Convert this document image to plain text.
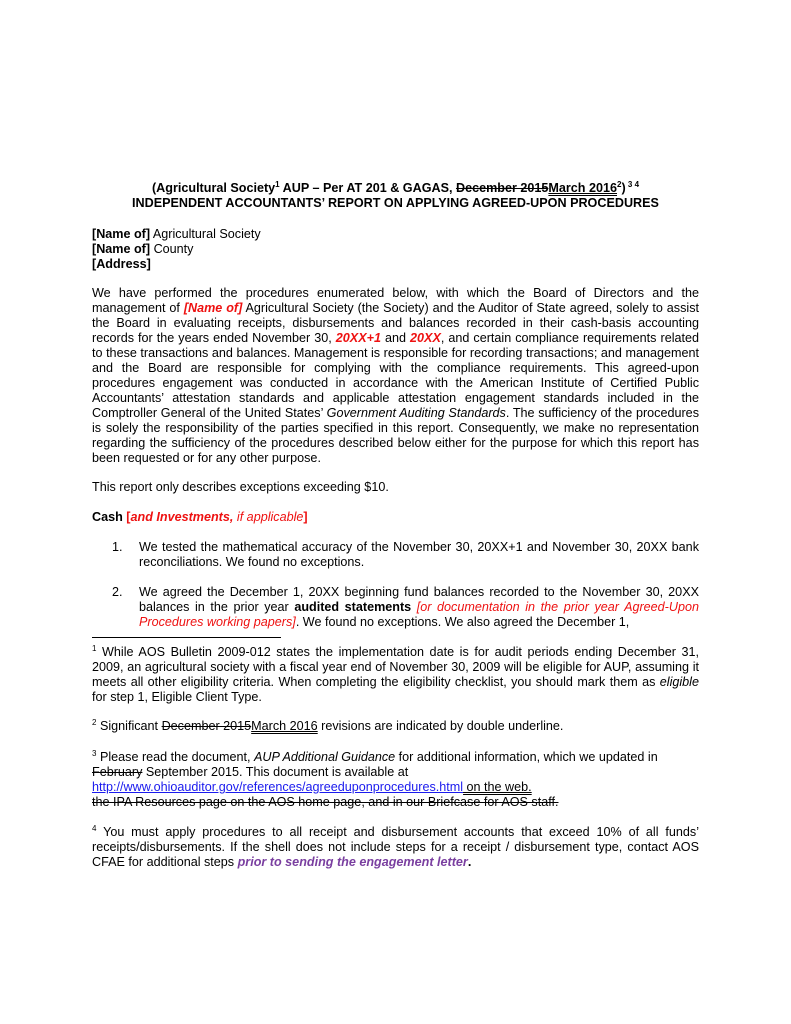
(Agricultural Society$^1$ AUP – Per AT 201 & GAGAS, December 2015March 2016$^2$) $^{3 4}$
INDEPENDENT ACCOUNTANTS’ REPORT ON APPLYING AGREED-UPON PROCEDURES
[Name of] Agricultural Society
[Name of] County
[Address]
We have performed the procedures enumerated below, with which the Board of Directors and the management of [Name of] Agricultural Society (the Society) and the Auditor of State agreed, solely to assist the Board in evaluating receipts, disbursements and balances recorded in their cash-basis accounting records for the years ended November 30, 20XX+1 and 20XX, and certain compliance requirements related to these transactions and balances. Management is responsible for recording transactions; and management and the Board are responsible for complying with the compliance requirements. This agreed-upon procedures engagement was conducted in accordance with the American Institute of Certified Public Accountants’ attestation standards and applicable attestation engagement standards included in the Comptroller General of the United States’ Government Auditing Standards. The sufficiency of the procedures is solely the responsibility of the parties specified in this report. Consequently, we make no representation regarding the sufficiency of the procedures described below either for the purpose for which this report has been requested or for any other purpose.
This report only describes exceptions exceeding $10.
Cash [and Investments, if applicable]
1. We tested the mathematical accuracy of the November 30, 20XX+1 and November 30, 20XX bank reconciliations. We found no exceptions.
2. We agreed the December 1, 20XX beginning fund balances recorded to the November 30, 20XX balances in the prior year audited statements [or documentation in the prior year Agreed-Upon Procedures working papers]. We found no exceptions. We also agreed the December 1,
$^1$ While AOS Bulletin 2009-012 states the implementation date is for audit periods ending December 31, 2009, an agricultural society with a fiscal year end of November 30, 2009 will be eligible for AUP, assuming it meets all other eligibility criteria. When completing the eligibility checklist, you should mark them as eligible for step 1, Eligible Client Type.
$^2$ Significant December 2015March 2016 revisions are indicated by double underline.
$^3$ Please read the document, AUP Additional Guidance for additional information, which we updated in
February September 2015. This document is available at
http://www.ohioauditor.gov/references/agreeduponprocedures.html on the web.
the IPA Resources page on the AOS home page, and in our Briefcase for AOS staff.
$^4$ You must apply procedures to all receipt and disbursement accounts that exceed 10% of all funds’ receipts/disbursements. If the shell does not include steps for a receipt / disbursement type, contact AOS CFAE for additional steps prior to sending the engagement letter.
